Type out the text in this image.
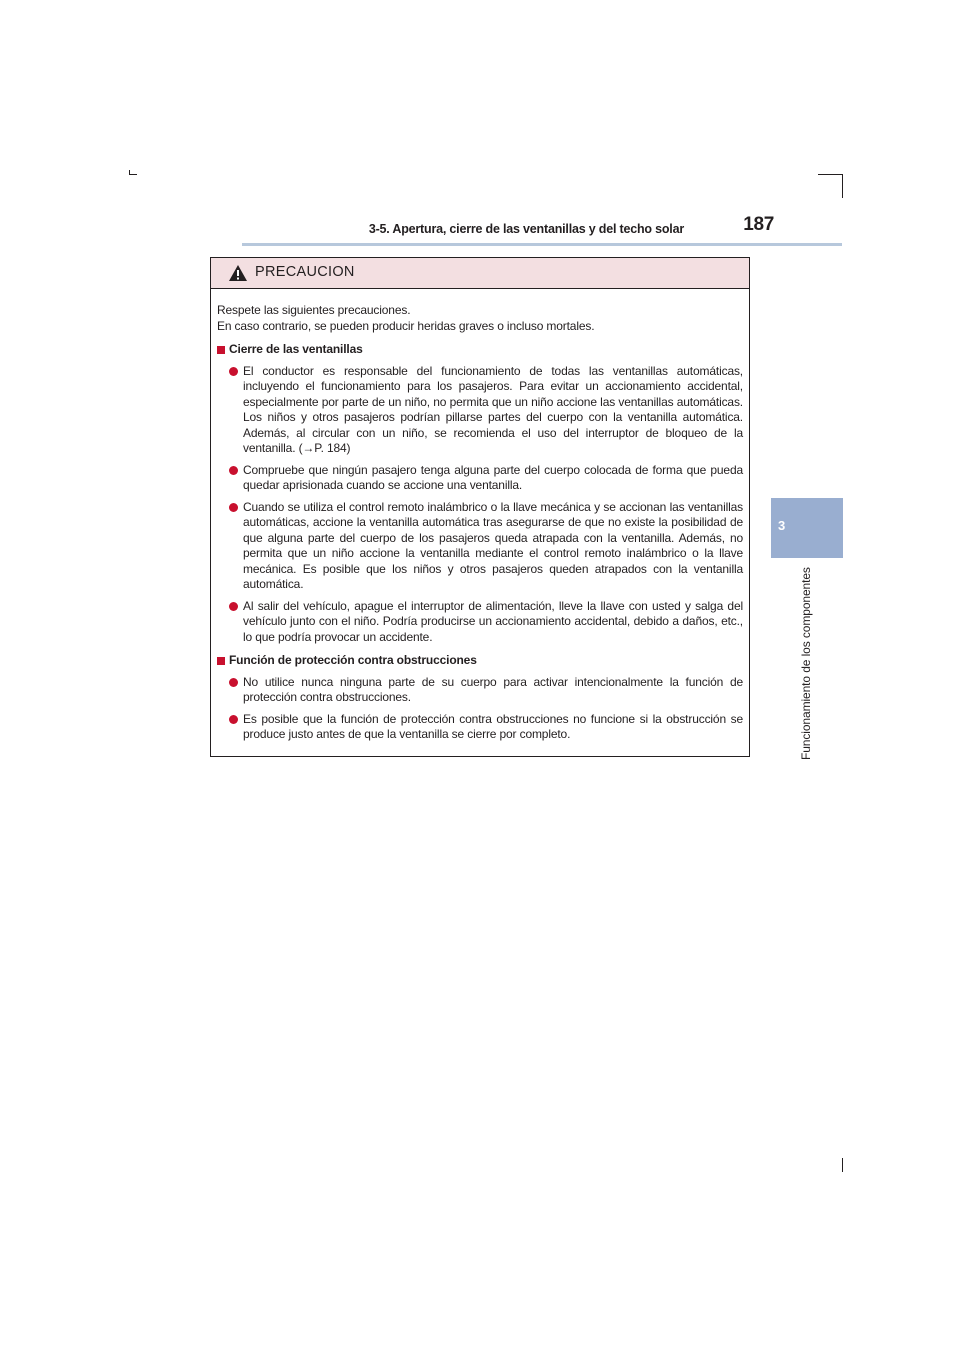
3-5. Apertura, cierre de las ventanillas y del techo solar	187
3
Funcionamiento de los componentes
PRECAUCION

Respete las siguientes precauciones.

En caso contrario, se pueden producir heridas graves o incluso mortales.

Cierre de las ventanillas
El conductor es responsable del funcionamiento de todas las ventanillas automáticas, incluyendo el funcionamiento para los pasajeros. Para evitar un accionamiento accidental, especialmente por parte de un niño, no permita que un niño accione las ventanillas automáticas. Los niños y otros pasajeros podrían pillarse partes del cuerpo con la ventanilla automática. Además, al circular con un niño, se recomienda el uso del interruptor de bloqueo de la ventanilla. (→P. 184)
Compruebe que ningún pasajero tenga alguna parte del cuerpo colocada de forma que pueda quedar aprisionada cuando se accione una ventanilla.
Cuando se utiliza el control remoto inalámbrico o la llave mecánica y se accionan las ventanillas automáticas, accione la ventanilla automática tras asegurarse de que no existe la posibilidad de que alguna parte del cuerpo de los pasajeros queda atrapada con la ventanilla. Además, no permita que un niño accione la ventanilla mediante el control remoto inalámbrico o la llave mecánica. Es posible que los niños y otros pasajeros queden atrapados con la ventanilla automática.
Al salir del vehículo, apague el interruptor de alimentación, lleve la llave con usted y salga del vehículo junto con el niño. Podría producirse un accionamiento accidental, debido a daños, etc., lo que podría provocar un accidente.
Función de protección contra obstrucciones
No utilice nunca ninguna parte de su cuerpo para activar intencionalmente la función de protección contra obstrucciones.
Es posible que la función de protección contra obstrucciones no funcione si la obstrucción se produce justo antes de que la ventanilla se cierre por completo.
